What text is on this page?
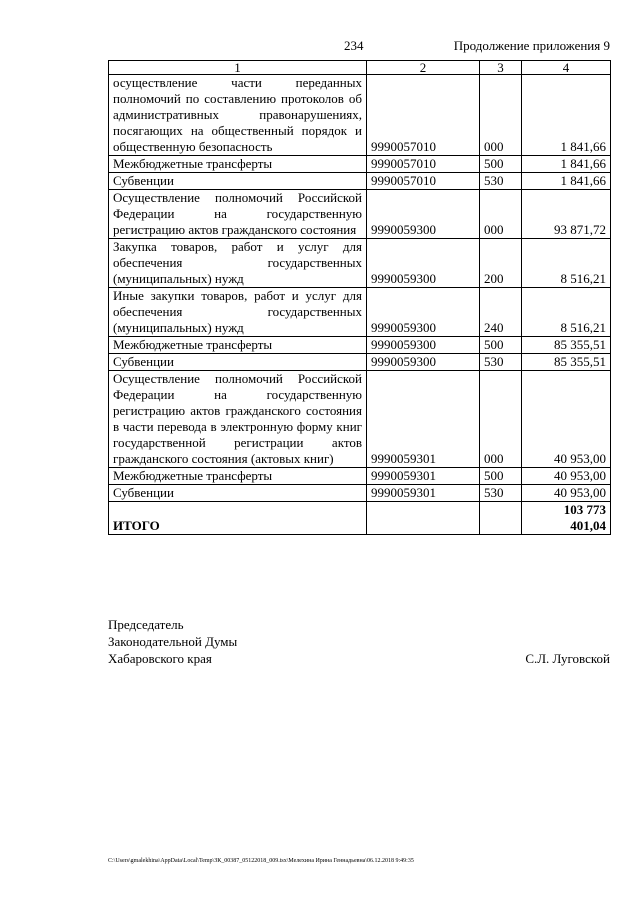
234	Продолжение приложения 9
1	2	3	4
осуществление части переданных полномочий по составлению протоколов об административных правонарушениях, посягающих на общественный порядок и общественную безопасность	9990057010	000	1 841,66
Межбюджетные трансферты	9990057010	500	1 841,66
Субвенции	9990057010	530	1 841,66
Осуществление полномочий Российской Федерации на государственную регистрацию актов гражданского состояния	9990059300	000	93 871,72
Закупка товаров, работ и услуг для обеспечения государственных (муниципальных) нужд	9990059300	200	8 516,21
Иные закупки товаров, работ и услуг для обеспечения государственных (муниципальных) нужд	9990059300	240	8 516,21
Межбюджетные трансферты	9990059300	500	85 355,51
Субвенции	9990059300	530	85 355,51
Осуществление полномочий Российской Федерации на государственную регистрацию актов гражданского состояния в части перевода в электронную форму книг государственной регистрации актов гражданского состояния (актовых книг)	9990059301	000	40 953,00
Межбюджетные трансферты	9990059301	500	40 953,00
Субвенции	9990059301	530	40 953,00
ИТОГО			103 773 401,04
Председатель
Законодательной Думы
Хабаровского края	С.Л. Луговской
C:\Users\gmalekhina\AppData\Local\Temp\ЗК_00387_05122018_009.tsx\Мелехина Ирина Геннадьевна\06.12.2018 9:49:35
